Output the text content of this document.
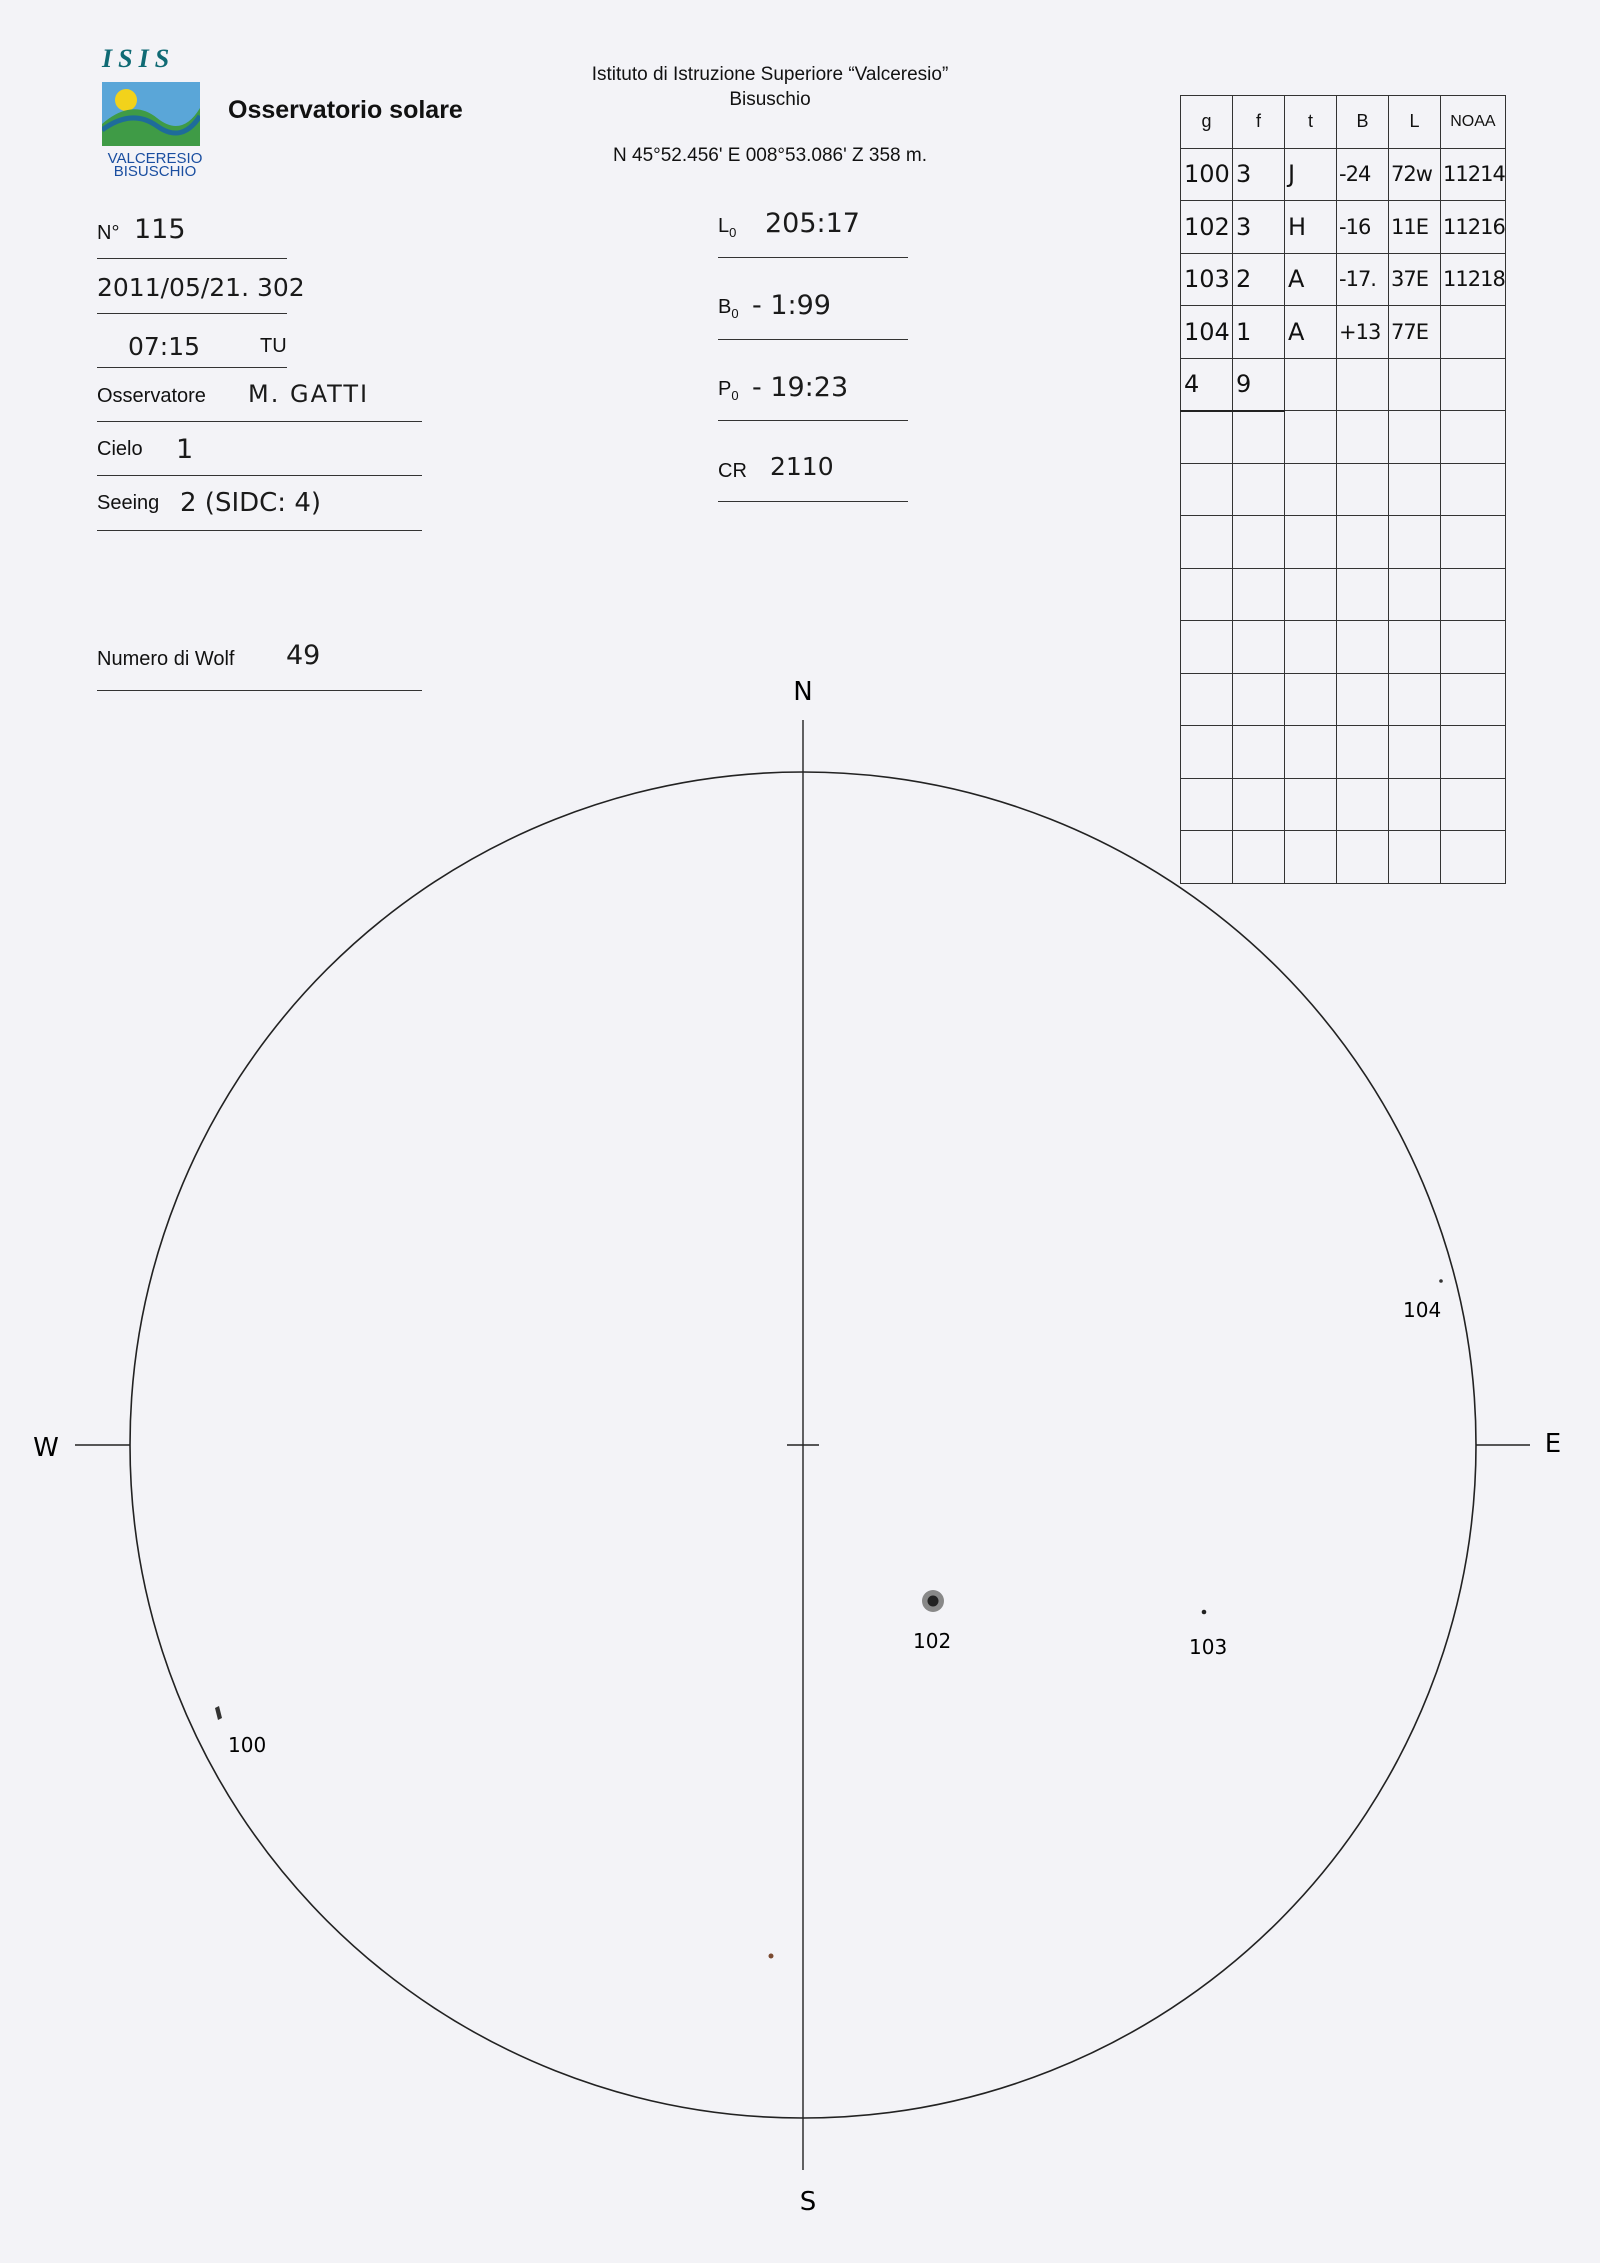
ISIS
VALCERESIO
BISUSCHIO
Osservatorio solare
Istituto di Istruzione Superiore “Valceresio”
Bisuschio
N 45°52.456' E 008°53.086' Z 358 m.
N° 115
2011/05/21. 302
07:15	TU
Osservatore M. GATTI
Cielo 1
Seeing 2 (SIDC: 4)
Numero di Wolf 49
$L_0$ 205:17
$B_0$ - 1:99
$P_0$ - 19:23
CR 2110
g	f	t	B	L	NOAA
100	3	J	-24	72w	11214
102	3	H	-16	11E	11216
103	2	A	-17.	37E	11218
104	1	A	+13	77E	
4	9				

N
S
W	E
100
102	103
104
